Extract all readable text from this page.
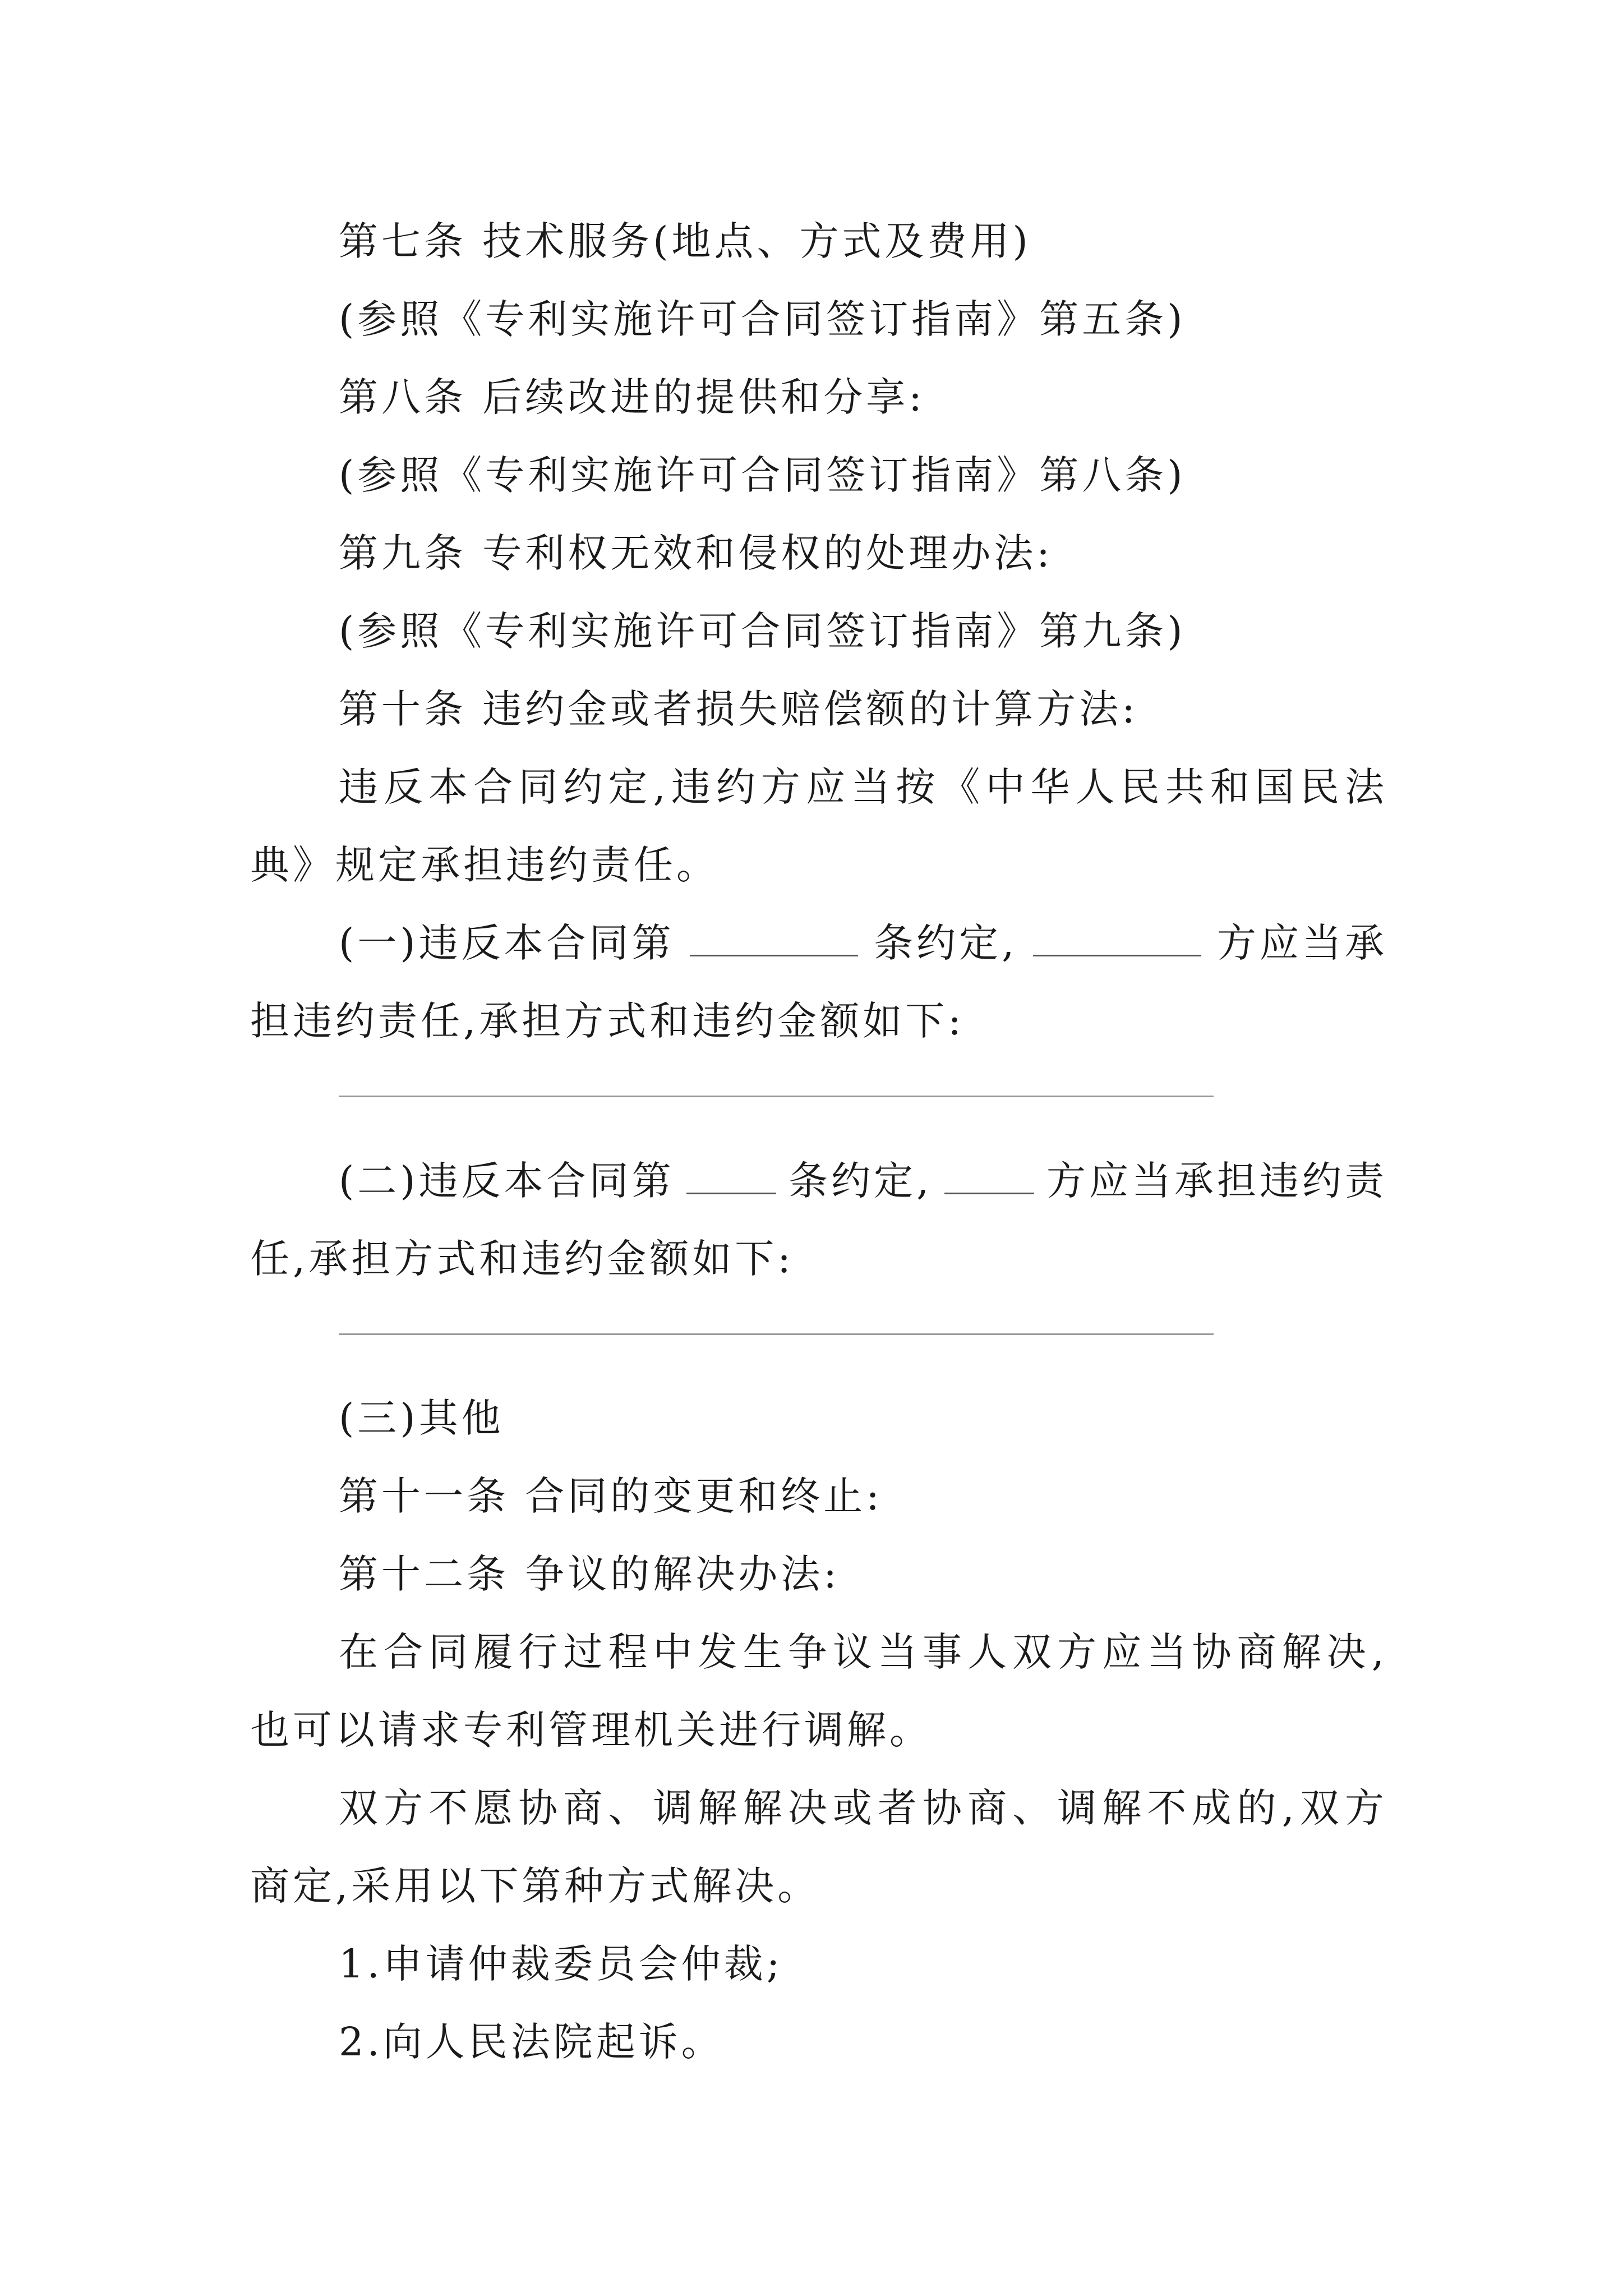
第七条 技术服务(地点、方式及费用)
(参照《专利实施许可合同签订指南》第五条)
第八条 后续改进的提供和分享:
(参照《专利实施许可合同签订指南》第八条)
第九条 专利权无效和侵权的处理办法:
(参照《专利实施许可合同签订指南》第九条)
第十条 违约金或者损失赔偿额的计算方法:
违反本合同约定,违约方应当按《中华人民共和国民法
典》规定承担违约责任。
(一)违反本合同第	条约定,	方应当承
担违约责任,承担方式和违约金额如下:
(二)违反本合同第	条约定,	方应当承担违约责
任,承担方式和违约金额如下:
(三)其他
第十一条 合同的变更和终止:
第十二条 争议的解决办法:
在合同履行过程中发生争议当事人双方应当协商解决,
也可以请求专利管理机关进行调解。
双方不愿协商、调解解决或者协商、调解不成的,双方
商定,采用以下第种方式解决。
1.申请仲裁委员会仲裁;
2.向人民法院起诉。
